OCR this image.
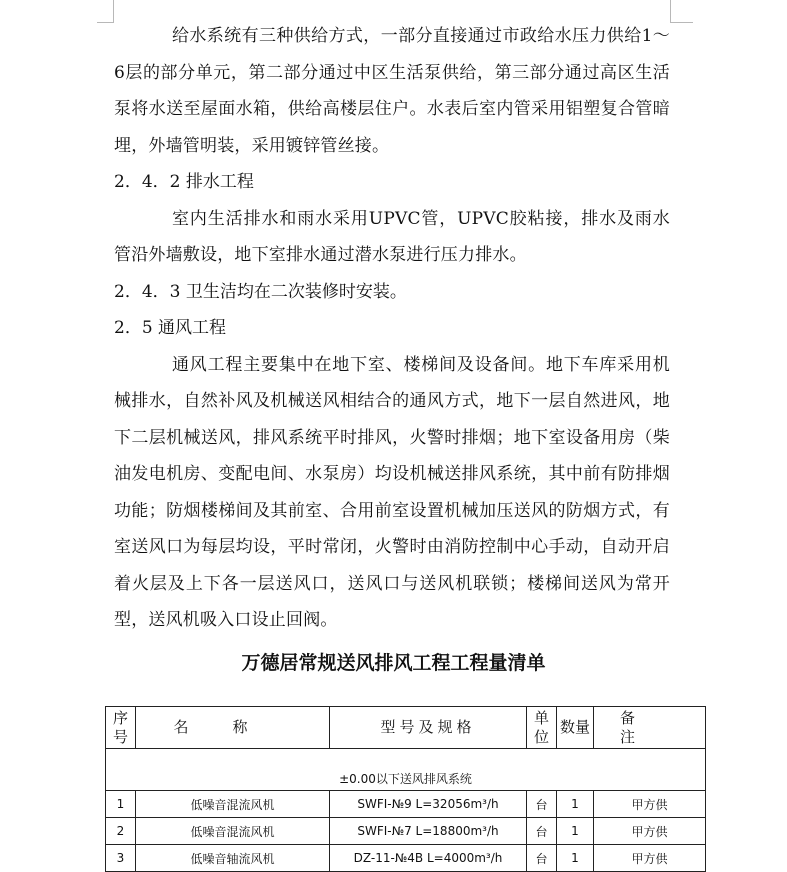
给水系统有三种供给方式，一部分直接通过市政给水压力供给1～6层的部分单元，第二部分通过中区生活泵供给，第三部分通过高区生活泵将水送至屋面水箱，供给高楼层住户。水表后室内管采用铝塑复合管暗埋，外墙管明装，采用镀锌管丝接。

2．4．2 排水工程

室内生活排水和雨水采用UPVC管，UPVC胶粘接，排水及雨水管沿外墙敷设，地下室排水通过潜水泵进行压力排水。

2．4．3 卫生洁均在二次装修时安装。

2．5 通风工程

通风工程主要集中在地下室、楼梯间及设备间。地下车库采用机械排水，自然补风及机械送风相结合的通风方式，地下一层自然进风，地下二层机械送风，排风系统平时排风，火警时排烟；地下室设备用房（柴油发电机房、变配电间、水泵房）均设机械送排风系统，其中前有防排烟功能；防烟楼梯间及其前室、合用前室设置机械加压送风的防烟方式，有室送风口为每层均设，平时常闭，火警时由消防控制中心手动，自动开启着火层及上下各一层送风口，送风口与送风机联锁；楼梯间送风为常开型，送风机吸入口设止回阀。

万德居常规送风排风工程工程量清单
序号	名称	型号及规格	单位	数量	备注
±0.00以下送风排风系统					
1	低噪音混流风机	SWFⅠ-№9 L=32056m³/h	台	1	甲方供
2	低噪音混流风机	SWFⅠ-№7 L=18800m³/h	台	1	甲方供
3	低噪音轴流风机	DZ-11-№4B L=4000m³/h	台	1	甲方供
